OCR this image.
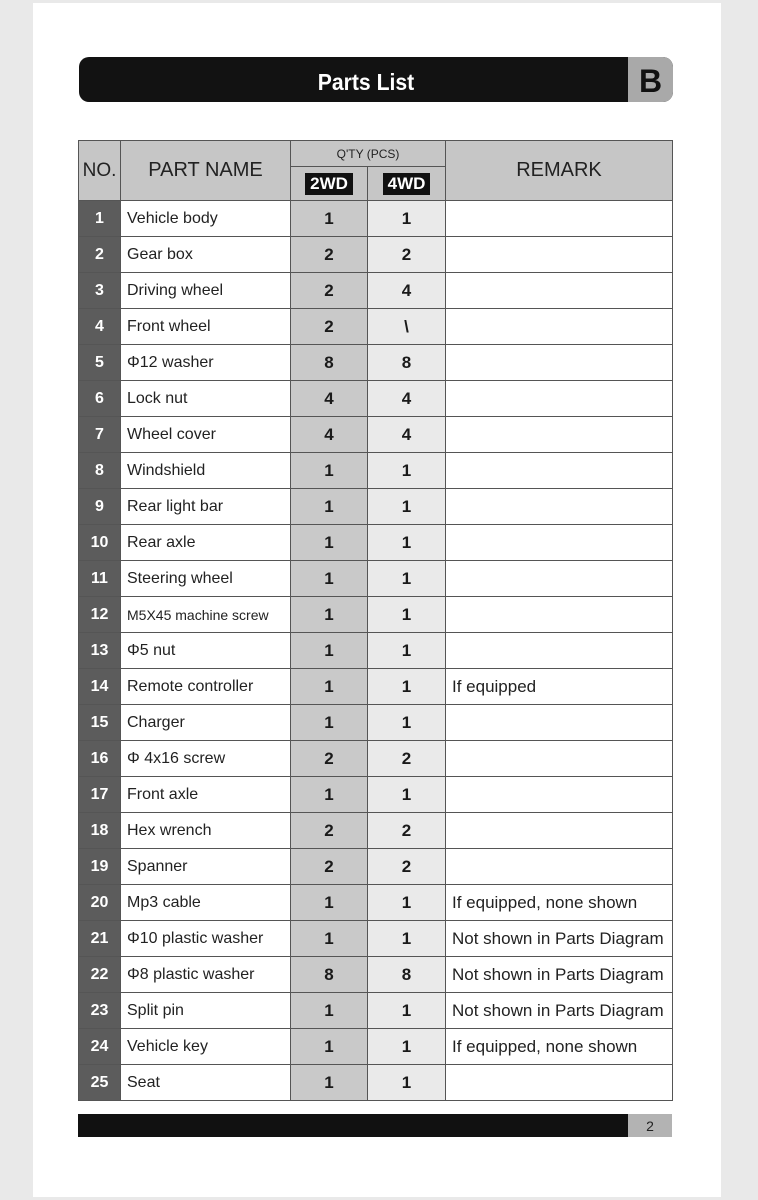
Parts List	B
NO.	PART NAME	Q'TY (PCS)		REMARK
		2WD	4WD	
1	Vehicle body	1	1	
2	Gear box	2	2	
3	Driving wheel	2	4	
4	Front wheel	2	\	
5	Φ12 washer	8	8	
6	Lock nut	4	4	
7	Wheel cover	4	4	
8	Windshield	1	1	
9	Rear light bar	1	1	
10	Rear axle	1	1	
11	Steering wheel	1	1	
12	M5X45 machine screw	1	1	
13	Φ5 nut	1	1	
14	Remote controller	1	1	If equipped
15	Charger	1	1	
16	Φ 4x16 screw	2	2	
17	Front axle	1	1	
18	Hex wrench	2	2	
19	Spanner	2	2	
20	Mp3 cable	1	1	If equipped, none shown
21	Φ10 plastic washer	1	1	Not shown in Parts Diagram
22	Φ8 plastic washer	8	8	Not shown in Parts Diagram
23	Split pin	1	1	Not shown in Parts Diagram
24	Vehicle key	1	1	If equipped, none shown
25	Seat	1	1	
2
